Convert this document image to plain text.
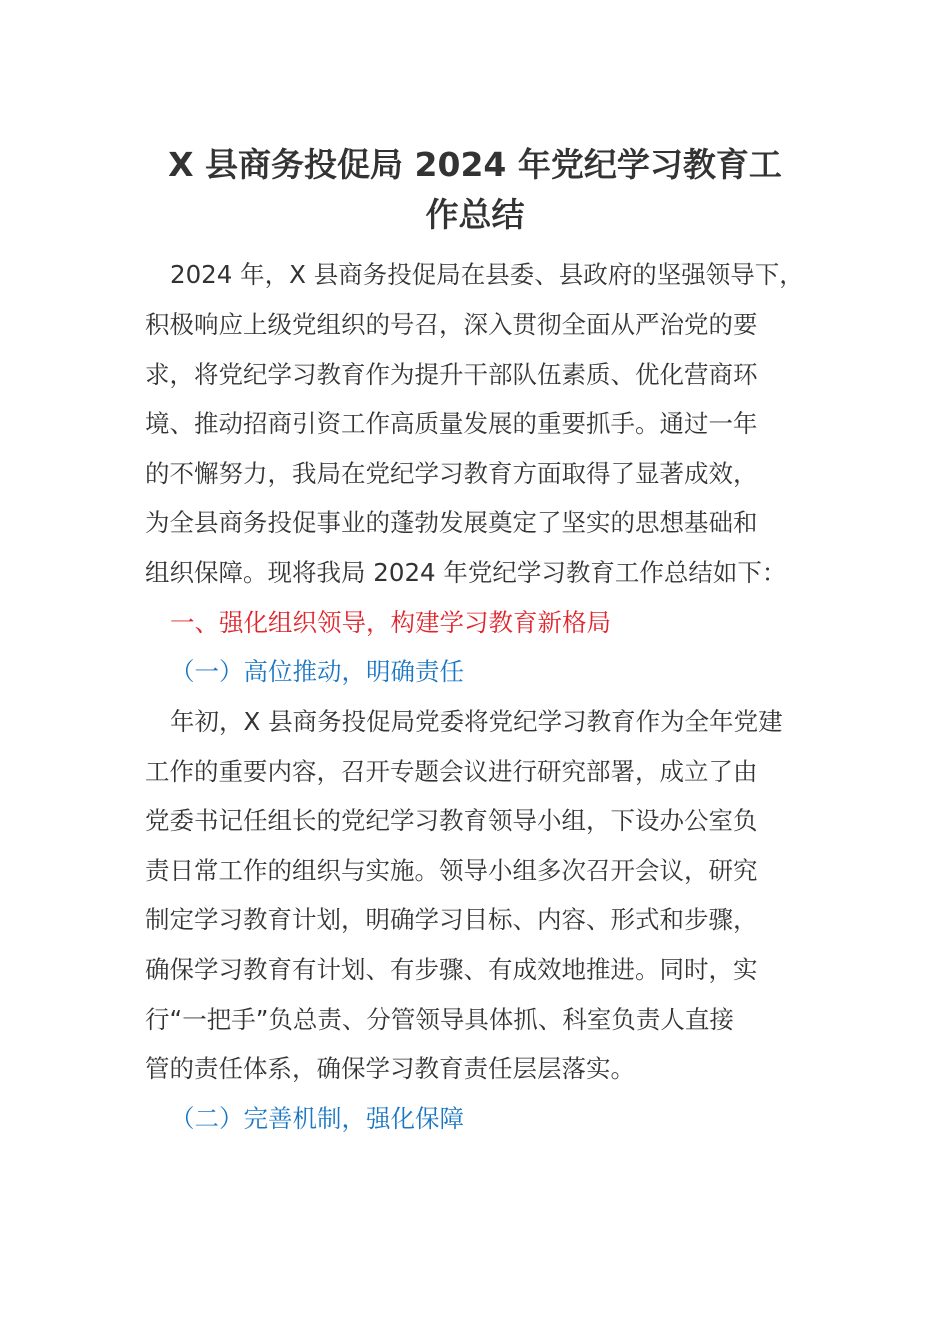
X 县商务投促局 2024 年党纪学习教育工
作总结
2024 年，X 县商务投促局在县委、县政府的坚强领导下，
积极响应上级党组织的号召，深入贯彻全面从严治党的要
求，将党纪学习教育作为提升干部队伍素质、优化营商环
境、推动招商引资工作高质量发展的重要抓手。通过一年
的不懈努力，我局在党纪学习教育方面取得了显著成效，
为全县商务投促事业的蓬勃发展奠定了坚实的思想基础和
组织保障。现将我局 2024 年党纪学习教育工作总结如下：
一、强化组织领导，构建学习教育新格局
（一）高位推动，明确责任
年初，X 县商务投促局党委将党纪学习教育作为全年党建
工作的重要内容，召开专题会议进行研究部署，成立了由
党委书记任组长的党纪学习教育领导小组，下设办公室负
责日常工作的组织与实施。领导小组多次召开会议，研究
制定学习教育计划，明确学习目标、内容、形式和步骤，
确保学习教育有计划、有步骤、有成效地推进。同时，实
行“一把手”负总责、分管领导具体抓、科室负责人直接
管的责任体系，确保学习教育责任层层落实。
（二）完善机制，强化保障
